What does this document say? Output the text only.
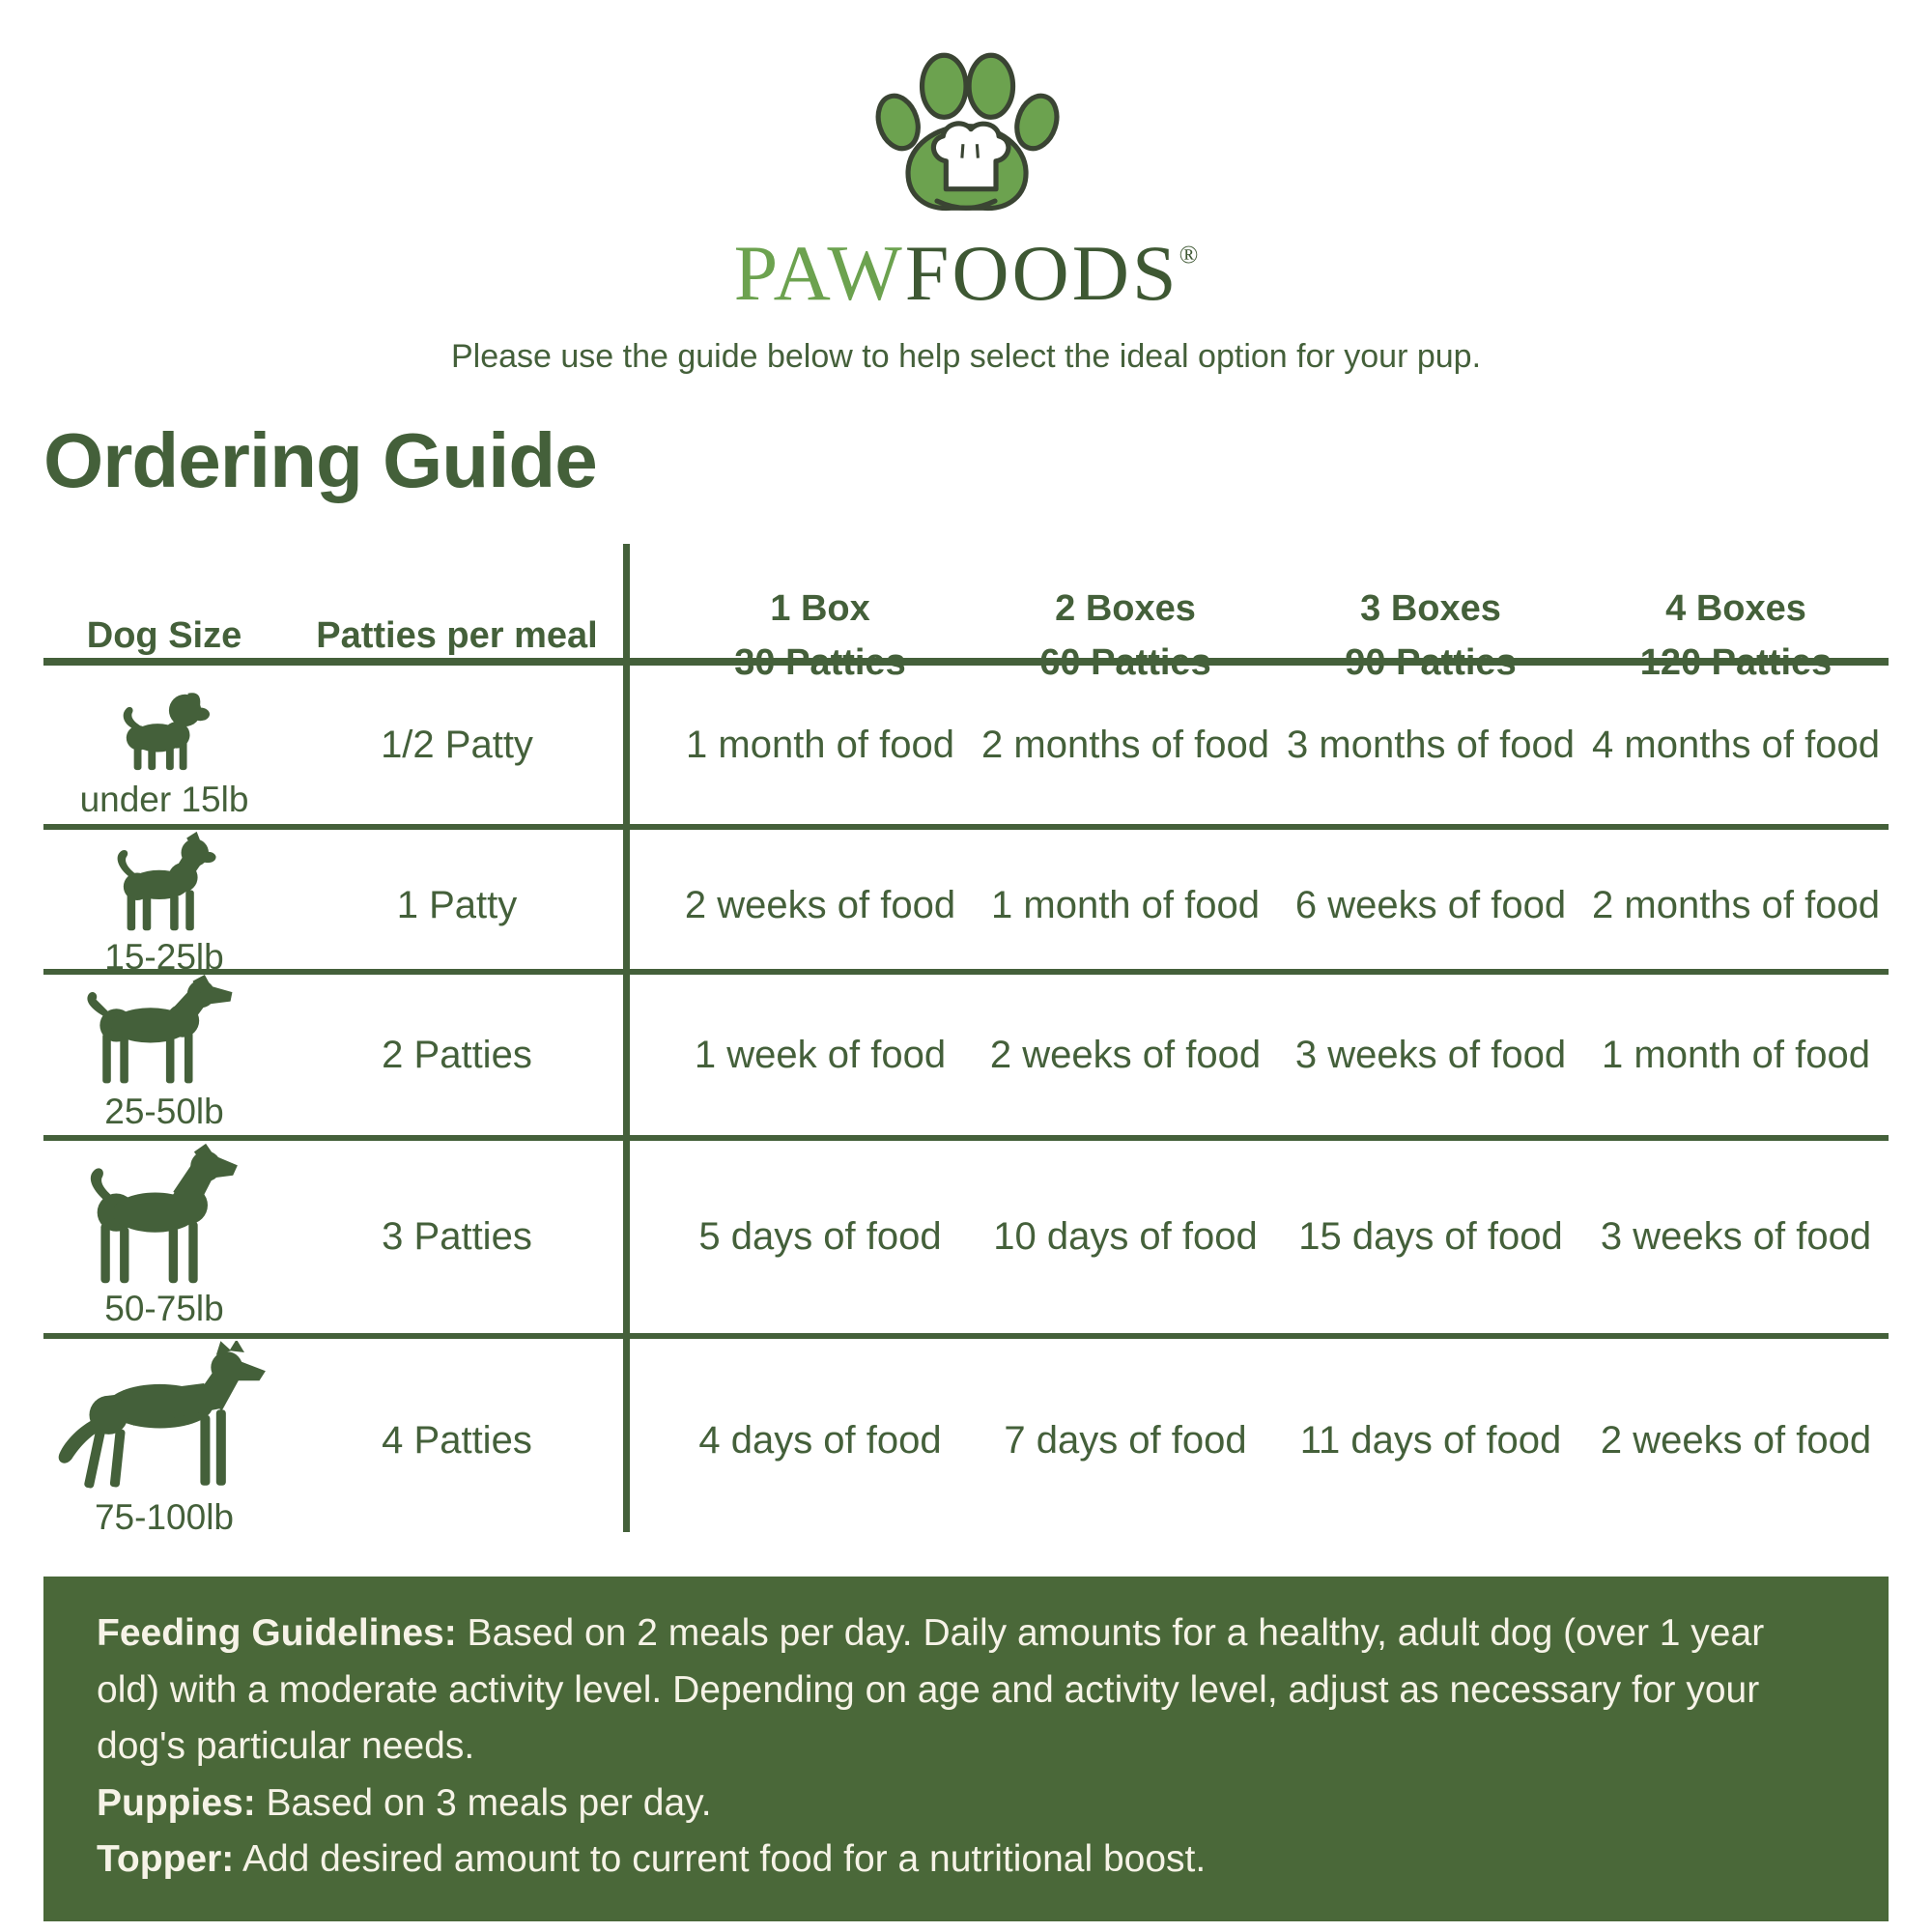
PAWFOODS®
Please use the guide below to help select the ideal option for your pup.
Ordering Guide
Dog Size	Patties per meal
1 Box
30 Patties
2 Boxes
60 Patties
3 Boxes
90 Patties
4 Boxes
120 Patties
under 15lb
1/2 Patty	1 month of food 2 months of food 3 months of food 4 months of food
15-25lb
1 Patty	2 weeks of food 1 month of food 6 weeks of food 2 months of food
25-50lb
2 Patties	1 week of food	2 weeks of food 3 weeks of food 1 month of food
50-75lb
3 Patties	5 days of food	10 days of food	15 days of food 3 weeks of food
75-100lb
4 Patties	4 days of food	7 days of food	11 days of food	2 weeks of food

Feeding Guidelines: Based on 2 meals per day. Daily amounts for a healthy, adult dog (over 1 year old) with a moderate activity level. Depending on age and activity level, adjust as necessary for your dog's particular needs.

Puppies: Based on 3 meals per day.

Topper: Add desired amount to current food for a nutritional boost.
